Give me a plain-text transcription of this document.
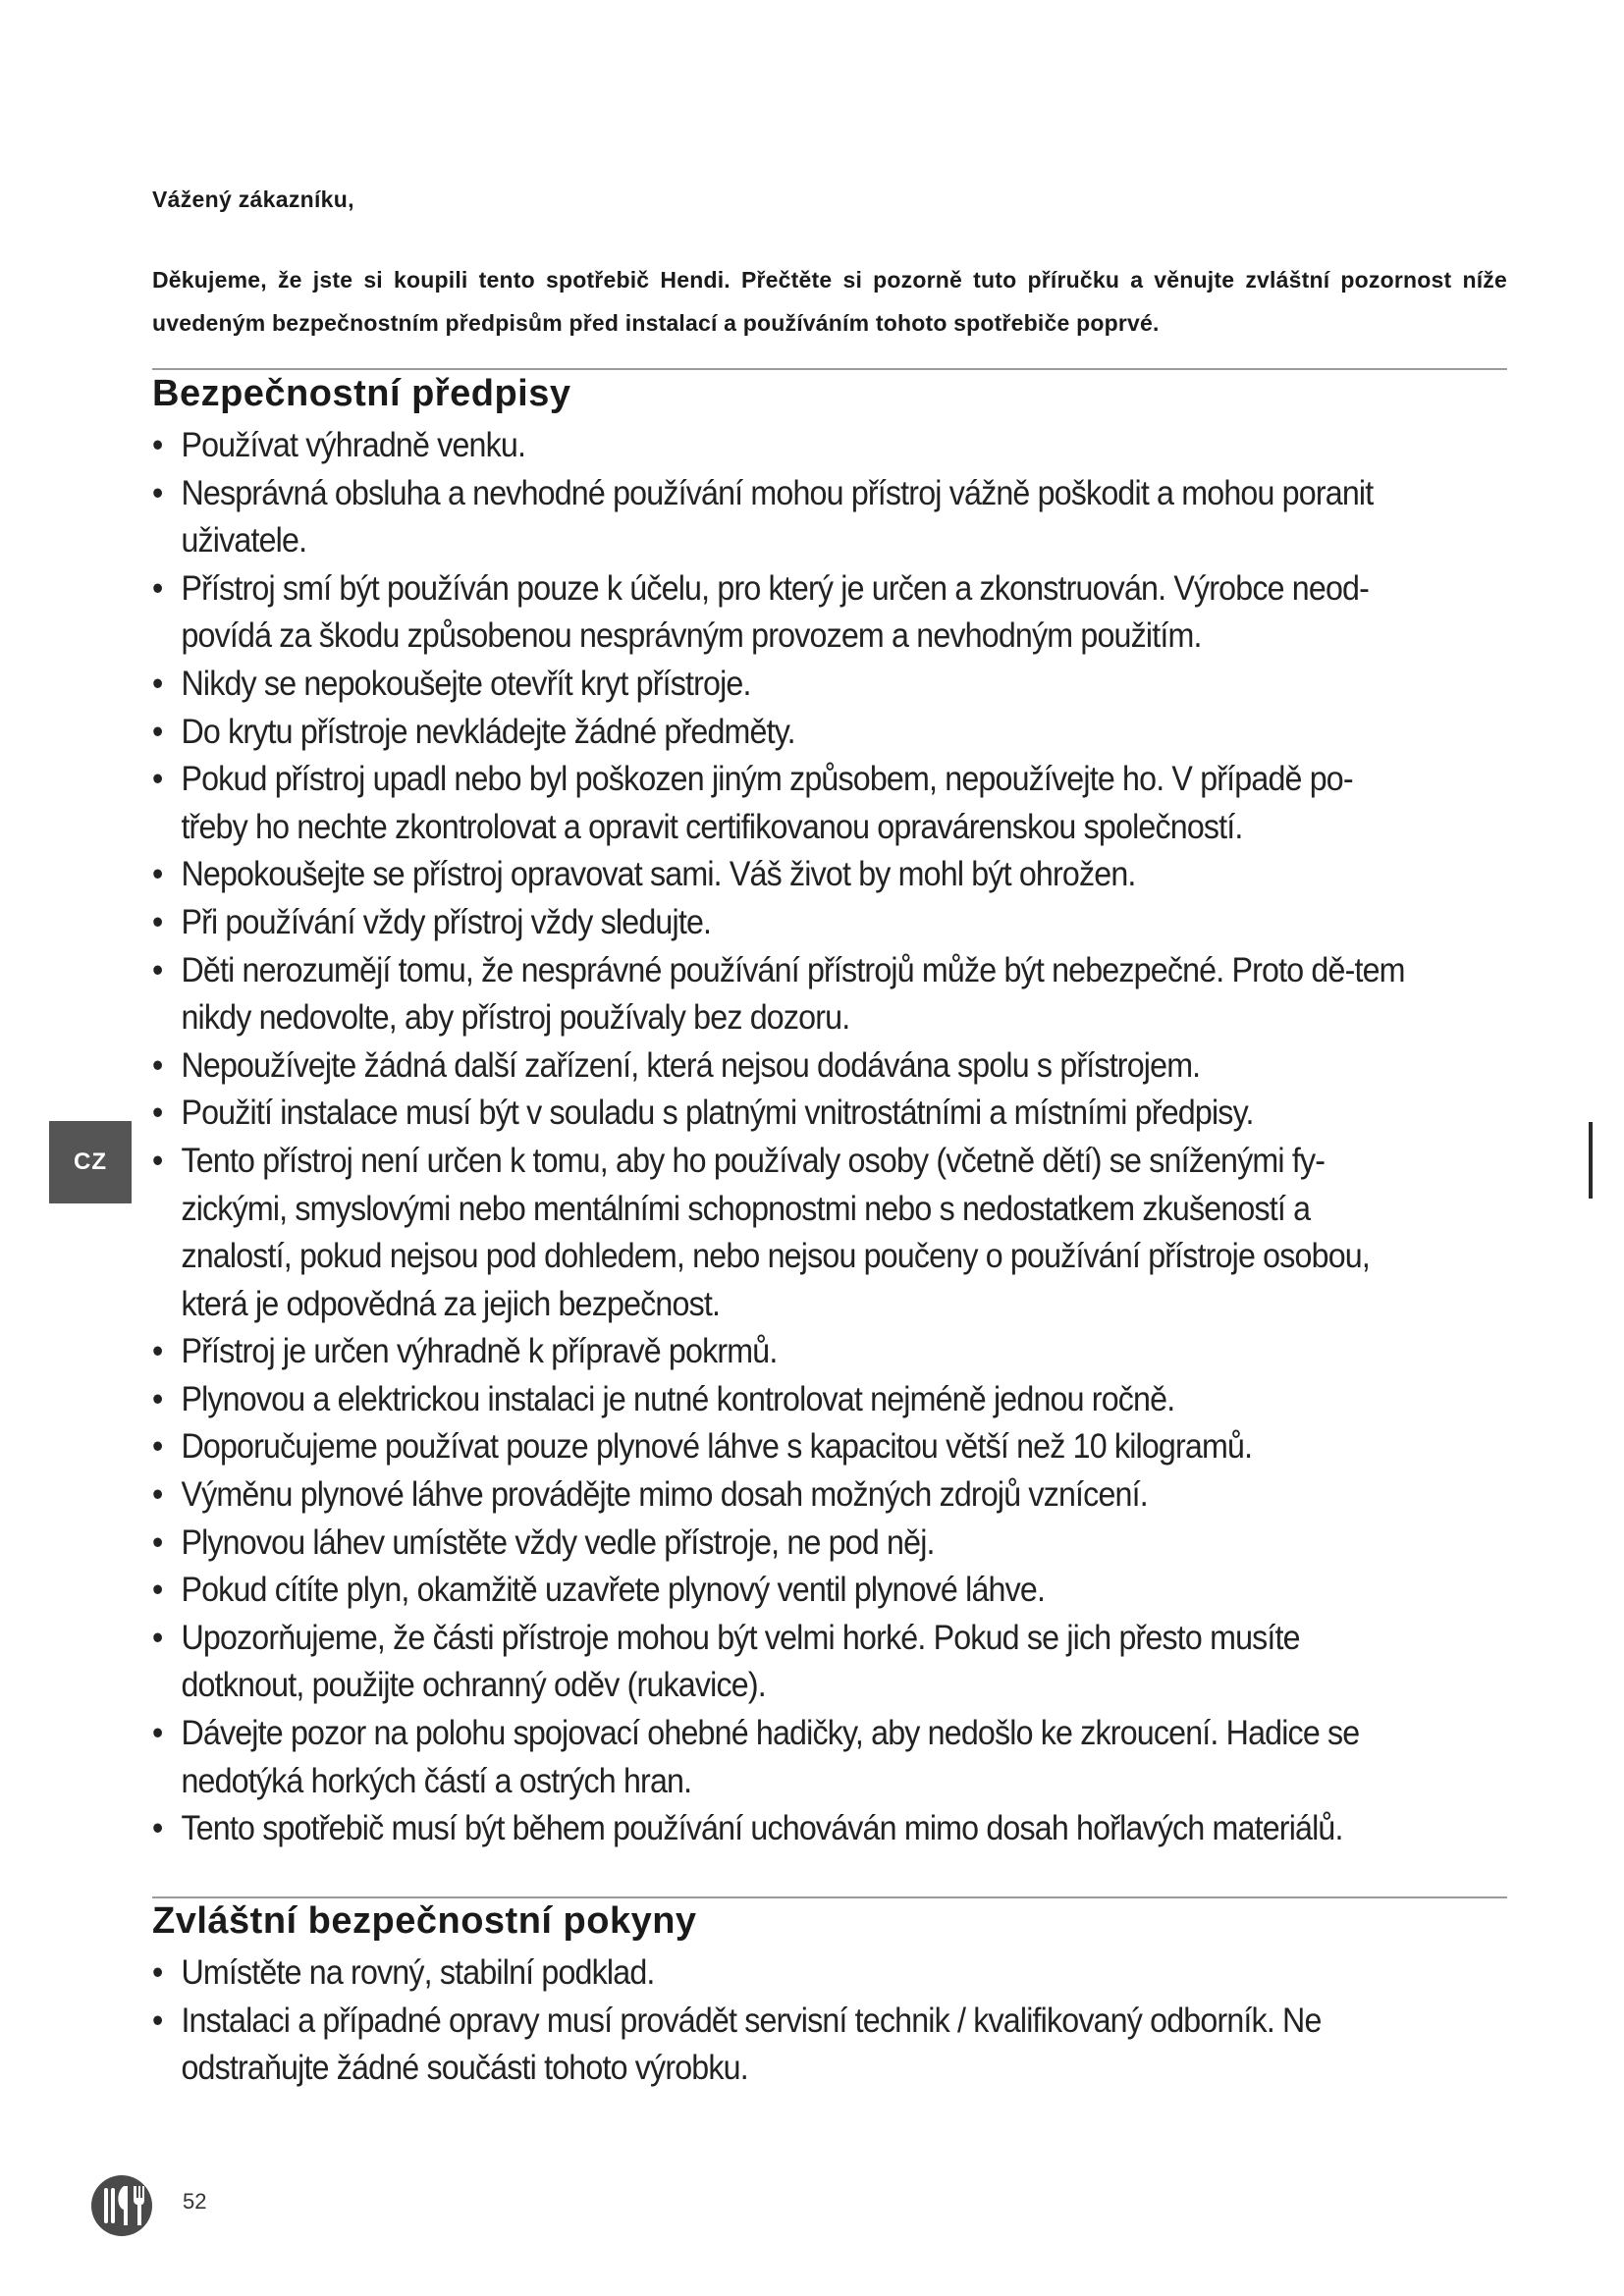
Vážený zákazníku,

Děkujeme, že jste si koupili tento spotřebič Hendi. Přečtěte si pozorně tuto příručku a věnujte zvláštní pozornost níže uvedeným bezpečnostním předpisům před instalací a používáním tohoto spotřebiče poprvé.

Bezpečnostní předpisy
• Používat výhradně venku.
• Nesprávná obsluha a nevhodné používání mohou přístroj vážně poškodit a mohou poranit uživatele.
• Přístroj smí být používán pouze k účelu, pro který je určen a zkonstruován. Výrobce neod-povídá za škodu způsobenou nesprávným provozem a nevhodným použitím.
• Nikdy se nepokoušejte otevřít kryt přístroje.
• Do krytu přístroje nevkládejte žádné předměty.
• Pokud přístroj upadl nebo byl poškozen jiným způsobem, nepoužívejte ho. V případě po-třeby ho nechte zkontrolovat a opravit certifikovanou opravárenskou společností.
• Nepokoušejte se přístroj opravovat sami. Váš život by mohl být ohrožen.
• Při používání vždy přístroj vždy sledujte.
• Děti nerozumějí tomu, že nesprávné používání přístrojů může být nebezpečné. Proto dě-tem nikdy nedovolte, aby přístroj používaly bez dozoru.
• Nepoužívejte žádná další zařízení, která nejsou dodávána spolu s přístrojem.
• Použití instalace musí být v souladu s platnými vnitrostátními a místními předpisy.
• Tento přístroj není určen k tomu, aby ho používaly osoby (včetně dětí) se sníženými fy-zickými, smyslovými nebo mentálními schopnostmi nebo s nedostatkem zkušeností a znalostí, pokud nejsou pod dohledem, nebo nejsou poučeny o používání přístroje osobou, která je odpovědná za jejich bezpečnost.
• Přístroj je určen výhradně k přípravě pokrmů.
• Plynovou a elektrickou instalaci je nutné kontrolovat nejméně jednou ročně.
• Doporučujeme používat pouze plynové láhve s kapacitou větší než 10 kilogramů.
• Výměnu plynové láhve provádějte mimo dosah možných zdrojů vznícení.
• Plynovou láhev umístěte vždy vedle přístroje, ne pod něj.
• Pokud cítíte plyn, okamžitě uzavřete plynový ventil plynové láhve.
• Upozorňujeme, že části přístroje mohou být velmi horké. Pokud se jich přesto musíte dotknout, použijte ochranný oděv (rukavice).
• Dávejte pozor na polohu spojovací ohebné hadičky, aby nedošlo ke zkroucení. Hadice se nedotýká horkých částí a ostrých hran.
• Tento spotřebič musí být během používání uchováván mimo dosah hořlavých materiálů.
Zvláštní bezpečnostní pokyny
• Umístěte na rovný, stabilní podklad.
• Instalaci a případné opravy musí provádět servisní technik / kvalifikovaný odborník. Ne odstraňujte žádné součásti tohoto výrobku.
CZ
52
